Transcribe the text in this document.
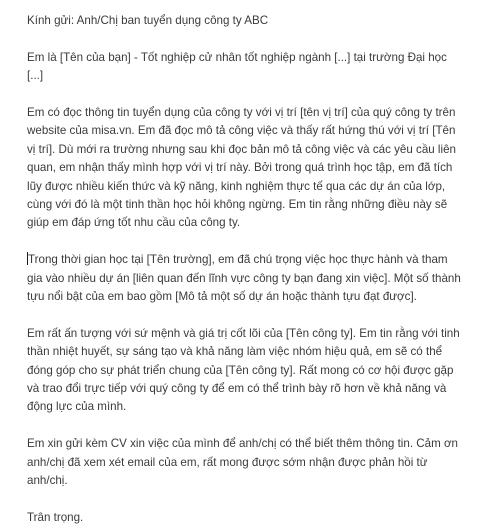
Kính gửi: Anh/Chị ban tuyển dụng công ty ABC

Em là [Tên của bạn] - Tốt nghiệp cử nhân tốt nghiệp ngành [...] tại trường Đại học [...]

Em có đọc thông tin tuyển dụng của công ty với vị trí [tên vị trí] của quý công ty trên website của misa.vn. Em đã đọc mô tả công việc và thấy rất hứng thú với vị trí [Tên vị trí]. Dù mới ra trường nhưng sau khi đọc bản mô tả công việc và các yêu cầu liên quan, em nhận thấy mình hợp với vị trí này. Bởi trong quá trình học tập, em đã tích lũy được nhiều kiến thức và kỹ năng, kinh nghiệm thực tế qua các dự án của lớp, cùng với đó là một tinh thần học hỏi không ngừng. Em tin rằng những điều này sẽ giúp em đáp ứng tốt nhu cầu của công ty.

Trong thời gian học tại [Tên trường], em đã chú trọng việc học thực hành và tham gia vào nhiều dự án [liên quan đến lĩnh vực công ty bạn đang xin việc]. Một số thành tựu nổi bật của em bao gồm [Mô tả một số dự án hoặc thành tựu đạt được].

Em rất ấn tượng với sứ mệnh và giá trị cốt lõi của [Tên công ty]. Em tin rằng với tinh thần nhiệt huyết, sự sáng tạo và khả năng làm việc nhóm hiệu quả, em sẽ có thể đóng góp cho sự phát triển chung của [Tên công ty]. Rất mong có cơ hội được gặp và trao đổi trực tiếp với quý công ty để em có thể trình bày rõ hơn về khả năng và động lực của mình.

Em xin gửi kèm CV xin việc của mình để anh/chị có thể biết thêm thông tin. Cảm ơn anh/chị đã xem xét email của em, rất mong được sớm nhận được phản hồi từ anh/chị.

Trân trọng.
